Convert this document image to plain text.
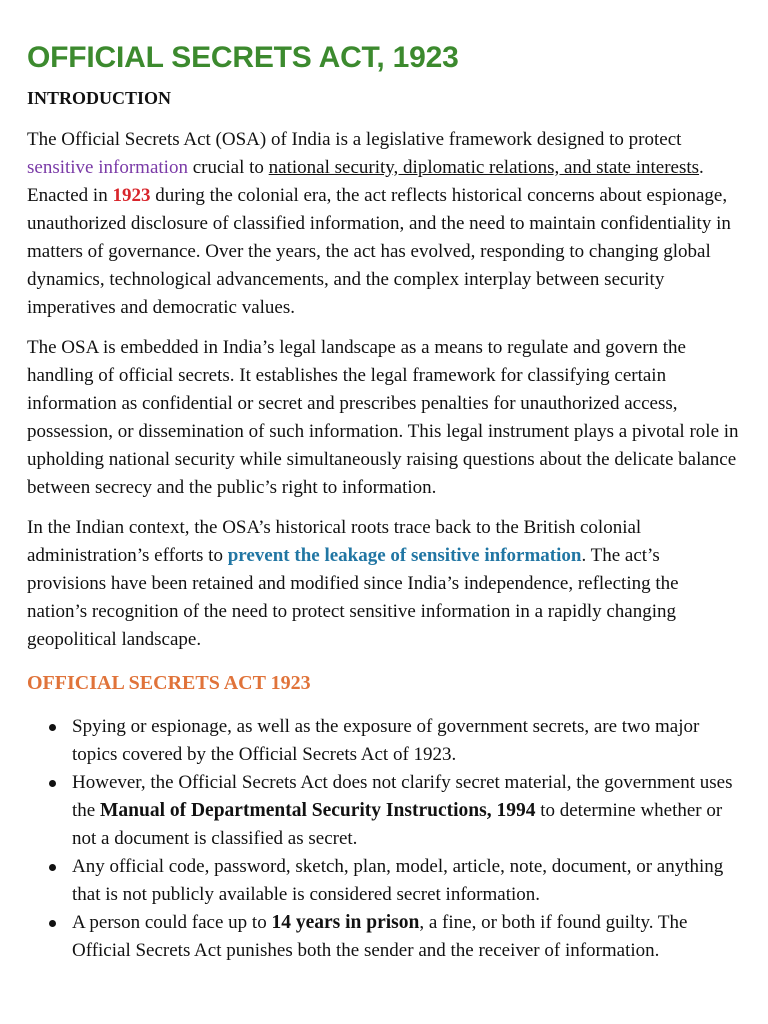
OFFICIAL SECRETS ACT, 1923
INTRODUCTION

The Official Secrets Act (OSA) of India is a legislative framework designed to protect sensitive information crucial to national security, diplomatic relations, and state interests. Enacted in 1923 during the colonial era, the act reflects historical concerns about espionage, unauthorized disclosure of classified information, and the need to maintain confidentiality in matters of governance. Over the years, the act has evolved, responding to changing global dynamics, technological advancements, and the complex interplay between security imperatives and democratic values.

The OSA is embedded in India’s legal landscape as a means to regulate and govern the handling of official secrets. It establishes the legal framework for classifying certain information as confidential or secret and prescribes penalties for unauthorized access, possession, or dissemination of such information. This legal instrument plays a pivotal role in upholding national security while simultaneously raising questions about the delicate balance between secrecy and the public’s right to information.

In the Indian context, the OSA’s historical roots trace back to the British colonial administration’s efforts to prevent the leakage of sensitive information. The act’s provisions have been retained and modified since India’s independence, reflecting the nation’s recognition of the need to protect sensitive information in a rapidly changing geopolitical landscape.

OFFICIAL SECRETS ACT 1923
Spying or espionage, as well as the exposure of government secrets, are two major topics covered by the Official Secrets Act of 1923.
However, the Official Secrets Act does not clarify secret material, the government uses the Manual of Departmental Security Instructions, 1994 to determine whether or not a document is classified as secret.
Any official code, password, sketch, plan, model, article, note, document, or anything that is not publicly available is considered secret information.
A person could face up to 14 years in prison, a fine, or both if found guilty. The Official Secrets Act punishes both the sender and the receiver of information.
